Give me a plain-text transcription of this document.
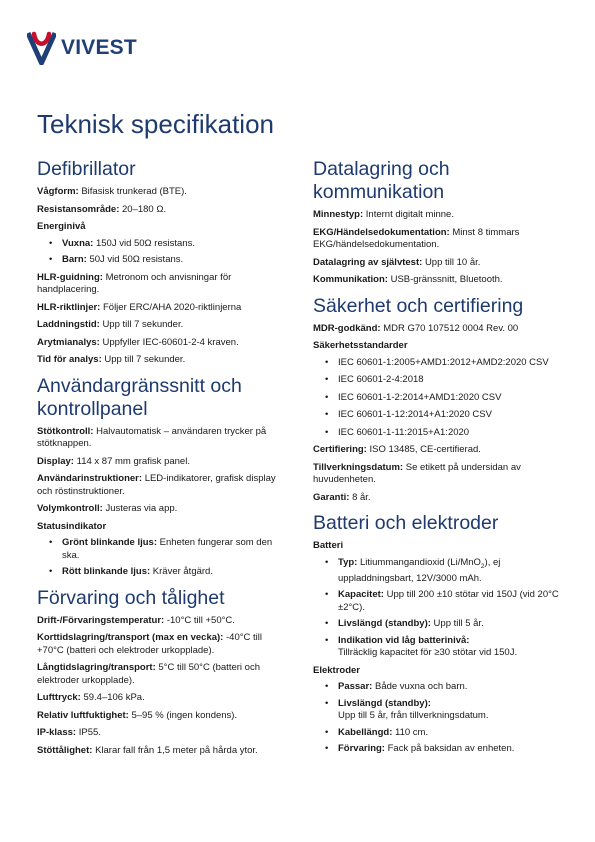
VIVEST
Teknisk specifikation
Defibrillator

Vågform: Bifasisk trunkerad (BTE).

Resistansområde: 20–180 Ω.

Energinivå

• Vuxna: 150J vid 50Ω resistans.
• Barn: 50J vid 50Ω resistans.

HLR-guidning: Metronom och anvisningar för handplacering.

HLR-riktlinjer: Följer ERC/AHA 2020-riktlinjerna

Laddningstid: Upp till 7 sekunder.

Arytmianalys: Uppfyller IEC-60601-2-4 kraven.

Tid för analys: Upp till 7 sekunder.

Användargränssnitt och kontrollpanel

Stötkontroll: Halvautomatisk – användaren trycker på stötknappen.

Display: 114 x 87 mm grafisk panel.

Användarinstruktioner: LED-indikatorer, grafisk display och röstinstruktioner.

Volymkontroll: Justeras via app.

Statusindikator

• Grönt blinkande ljus: Enheten fungerar som den ska.
• Rött blinkande ljus: Kräver åtgärd.
Förvaring och tålighet

Drift-/Förvaringstemperatur: -10°C till +50°C.

Korttidslagring/transport (max en vecka): -40°C till +70°C (batteri och elektroder urkopplade).

Långtidslagring/transport: 5°C till 50°C (batteri och elektroder urkopplade).

Lufttryck: 59.4–106 kPa.

Relativ luftfuktighet: 5–95 % (ingen kondens).

IP-klass: IP55.

Stöttålighet: Klarar fall från 1,5 meter på hårda ytor.

Datalagring och kommunikation

Minnestyp: Internt digitalt minne.

EKG/Händelsedokumentation: Minst 8 timmars EKG/händelsedokumentation.

Datalagring av självtest: Upp till 10 år.

Kommunikation: USB-gränssnitt, Bluetooth.

Säkerhet och certifiering

MDR-godkänd: MDR G70 107512 0004 Rev. 00

Säkerhetsstandarder

• IEC 60601-1:2005+AMD1:2012+AMD2:2020 CSV
• IEC 60601-2-4:2018
• IEC 60601-1-2:2014+AMD1:2020 CSV
• IEC 60601-1-12:2014+A1:2020 CSV
• IEC 60601-1-11:2015+A1:2020

Certifiering: ISO 13485, CE-certifierad.

Tillverkningsdatum: Se etikett på undersidan av huvudenheten.

Garanti: 8 år.

Batteri och elektroder

Batteri

• Typ: Litiummangandioxid (Li/MnO$_2$), ej uppladdningsbart, 12V/3000 mAh.
• Kapacitet: Upp till 200 ±10 stötar vid 150J (vid 20°C ±2°C).
• Livslängd (standby): Upp till 5 år.
• Indikation vid låg batterinivå:
Tillräcklig kapacitet för ≥30 stötar vid 150J.

Elektroder

• Passar: Både vuxna och barn.
• Livslängd (standby):
Upp till 5 år, från tillverkningsdatum.
• Kabellängd: 110 cm.
• Förvaring: Fack på baksidan av enheten.
